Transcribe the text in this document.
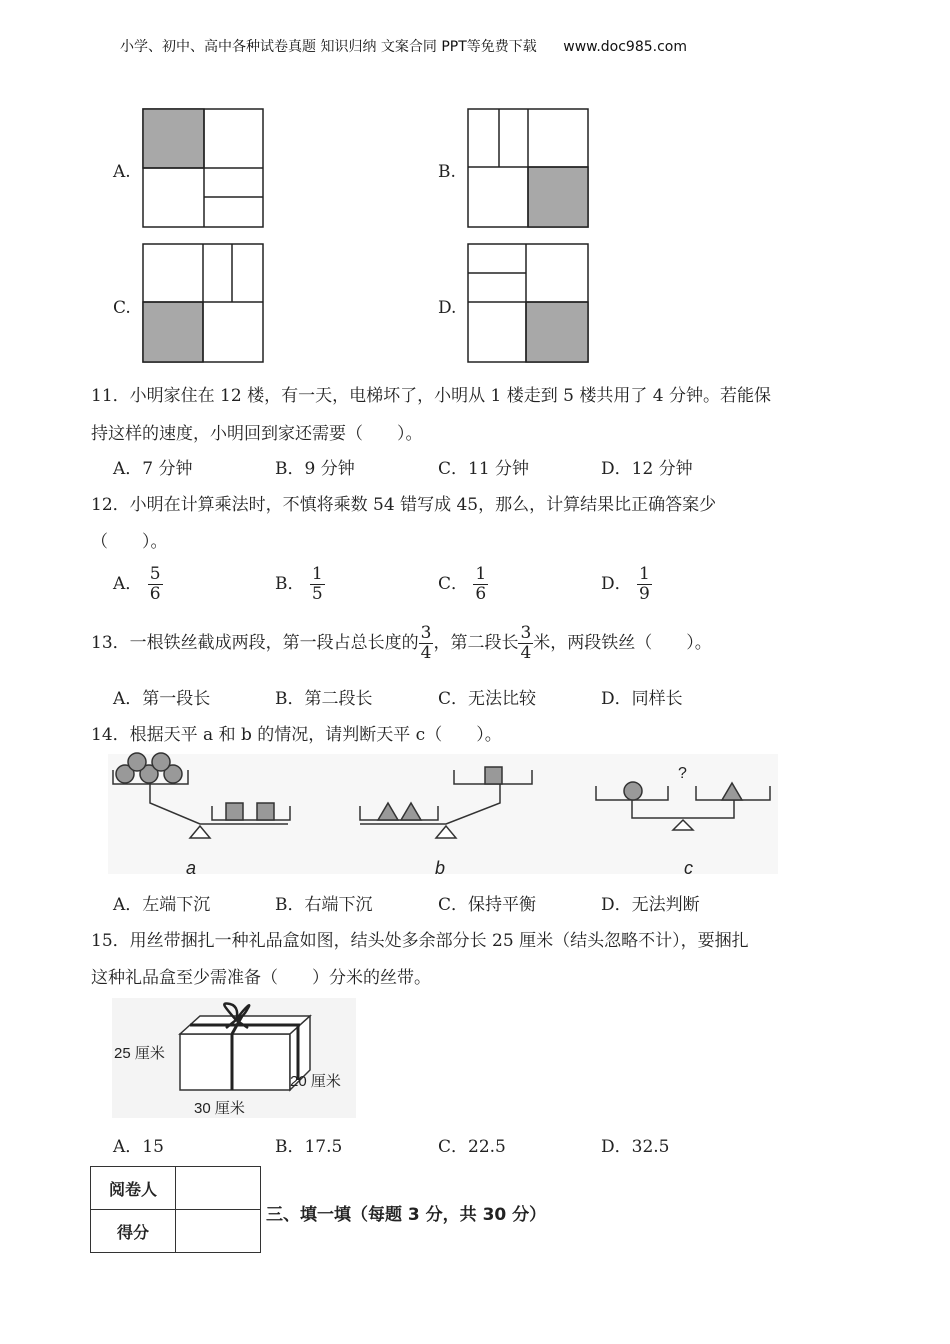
小学、初中、高中各种试卷真题 知识归纳 文案合同 PPT等免费下载 www.doc985.com
A.	B.
C.	D.
11．小明家住在 12 楼，有一天，电梯坏了，小明从 1 楼走到 5 楼共用了 4 分钟。若能保
持这样的速度，小明回到家还需要（　　）。
A．7 分钟	B．9 分钟	C．11 分钟	D．12 分钟
12．小明在计算乘法时，不慎将乘数 54 错写成 45，那么，计算结果比正确答案少
（　　）。
A． $\frac{5}{6}$	B． $\frac{1}{5}$	C． $\frac{1}{6}$	D． $\frac{1}{9}$
13．一根铁丝截成两段，第一段占总长度的 $\frac{3}{4}$ ，第二段长 $\frac{3}{4}$ 米，两段铁丝（　　）。
A．第一段长	B．第二段长	C．无法比较	D．同样长
14．根据天平 a 和 b 的情况，请判断天平 c（　　）。
?
a	b	c
A．左端下沉	B．右端下沉	C．保持平衡	D．无法判断
15．用丝带捆扎一种礼品盒如图，结头处多余部分长 25 厘米（结头忽略不计），要捆扎
这种礼品盒至少需准备（　　）分米的丝带。
25 厘米
20 厘米
30 厘米
A．15	B．17.5	C．22.5	D．32.5
阅卷人	
得分	
三、填一填（每题 3 分，共 30 分）
